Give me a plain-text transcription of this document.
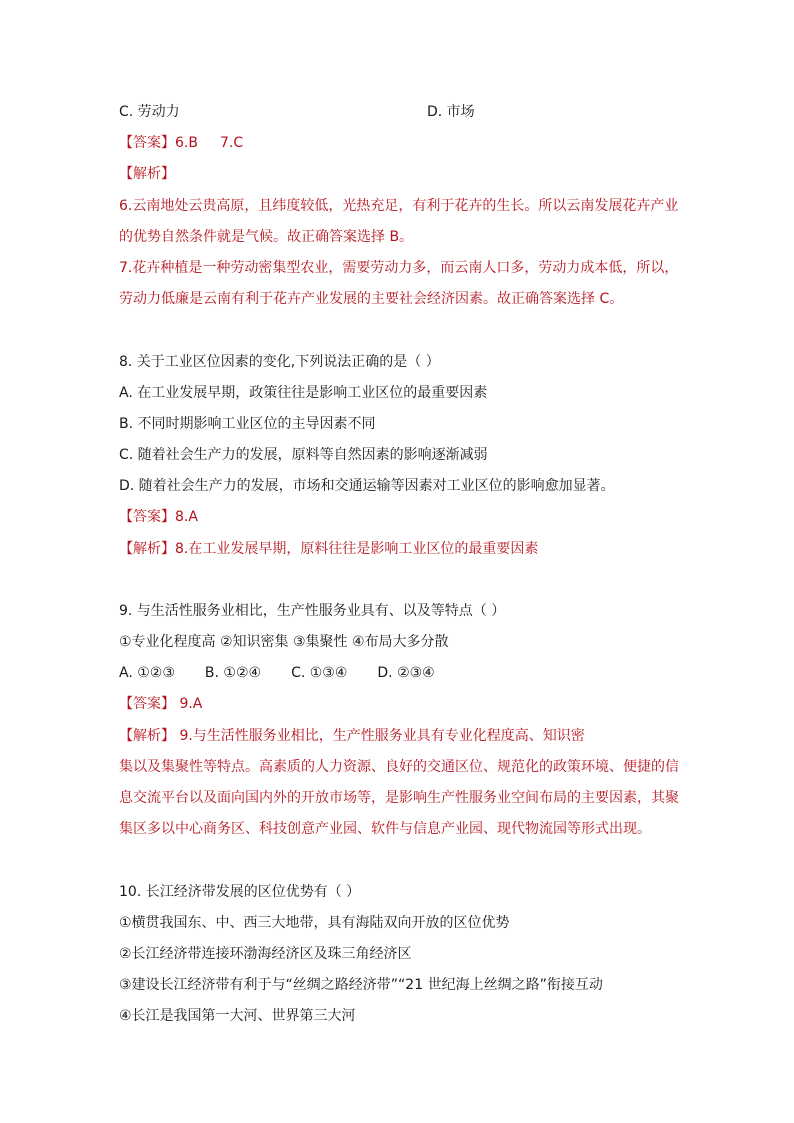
C. 劳动力	D. 市场
【答案】6.B 7.C
【解析】
6.云南地处云贵高原，且纬度较低，光热充足，有利于花卉的生长。所以云南发展花卉产业
的优势自然条件就是气候。故正确答案选择 B。
7.花卉种植是一种劳动密集型农业，需要劳动力多，而云南人口多，劳动力成本低，所以，
劳动力低廉是云南有利于花卉产业发展的主要社会经济因素。故正确答案选择 C。
8. 关于工业区位因素的变化,下列说法正确的是（ ）
A. 在工业发展早期，政策往往是影响工业区位的最重要因素
B. 不同时期影响工业区位的主导因素不同
C. 随着社会生产力的发展，原料等自然因素的影响逐渐减弱
D. 随着社会生产力的发展，市场和交通运输等因素对工业区位的影响愈加显著。
【答案】8.A
【解析】8.在工业发展早期，原料往往是影响工业区位的最重要因素
9. 与生活性服务业相比，生产性服务业具有、以及等特点（ ）
①专业化程度高 ②知识密集 ③集聚性 ④布局大多分散
A. ①②③ B. ①②④ C. ①③④ D. ②③④
【答案】 9.A
【解析】 9.与生活性服务业相比，生产性服务业具有专业化程度高、知识密
集以及集聚性等特点。高素质的人力资源、良好的交通区位、规范化的政策环境、便捷的信
息交流平台以及面向国内外的开放市场等，是影响生产性服务业空间布局的主要因素，其聚
集区多以中心商务区、科技创意产业园、软件与信息产业园、现代物流园等形式出现。
10. 长江经济带发展的区位优势有（ ）
①横贯我国东、中、西三大地带，具有海陆双向开放的区位优势
②长江经济带连接环渤海经济区及珠三角经济区
③建设长江经济带有利于与“丝绸之路经济带”“21 世纪海上丝绸之路”衔接互动
④长江是我国第一大河、世界第三大河
